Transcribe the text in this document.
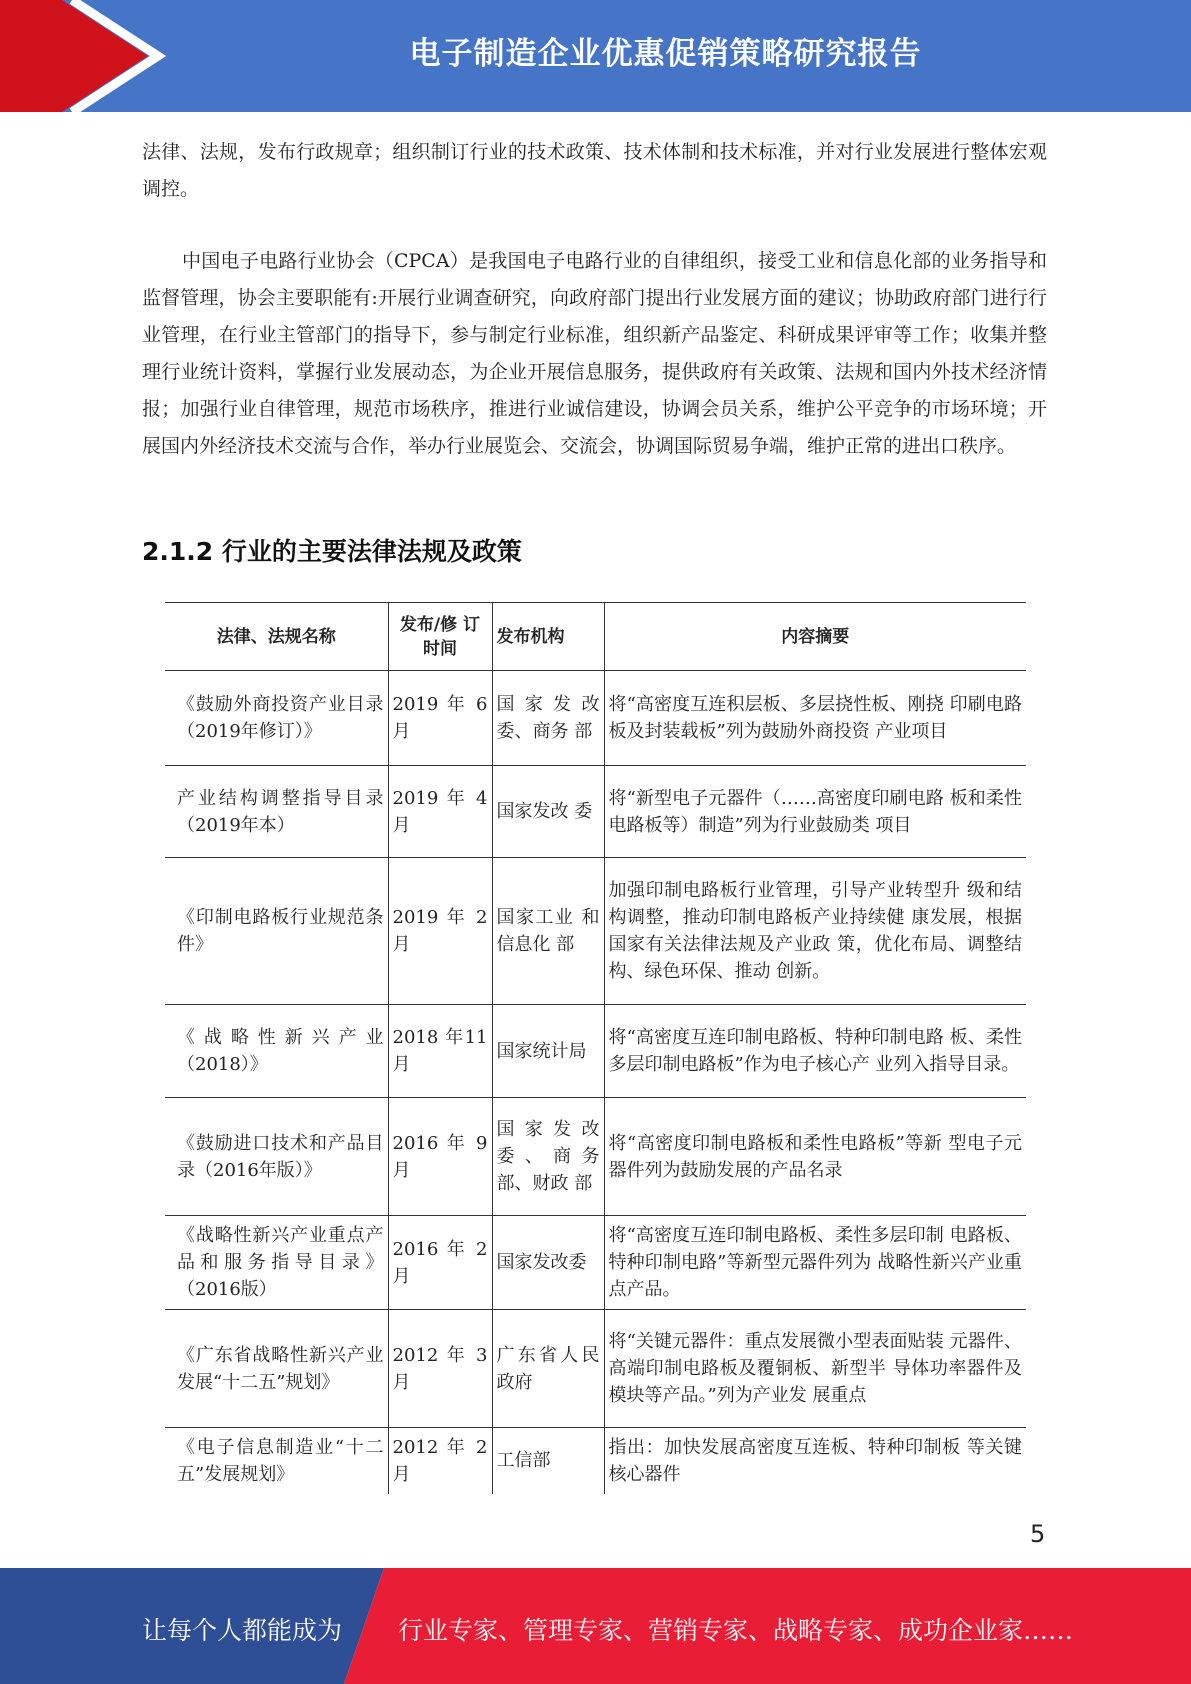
电子制造企业优惠促销策略研究报告
法律、法规，发布行政规章；组织制订行业的技术政策、技术体制和技术标准，并对行业发展进行整体宏观调控。
中国电子电路行业协会（CPCA）是我国电子电路行业的自律组织，接受工业和信息化部的业务指导和监督管理，协会主要职能有:开展行业调查研究，向政府部门提出行业发展方面的建议；协助政府部门进行行业管理，在行业主管部门的指导下，参与制定行业标准，组织新产品鉴定、科研成果评审等工作；收集并整理行业统计资料，掌握行业发展动态，为企业开展信息服务，提供政府有关政策、法规和国内外技术经济情报；加强行业自律管理，规范市场秩序，推进行业诚信建设，协调会员关系，维护公平竞争的市场环境；开展国内外经济技术交流与合作，举办行业展览会、交流会，协调国际贸易争端，维护正常的进出口秩序。
2.1.2 行业的主要法律法规及政策
法律、法规名称	发布/修 订时间	发布机构	内容摘要
《鼓励外商投资产业目录（2019年修订）》	2019 年 6月	国 家 发 改委、商务 部	将“高密度互连积层板、多层挠性板、刚挠 印刷电路板及封装载板”列为鼓励外商投资 产业项目
产业结构调整指导目录（2019年本）	2019 年 4月	国家发改 委	将“新型电子元器件（……高密度印刷电路 板和柔性电路板等）制造”列为行业鼓励类 项目
《印制电路板行业规范条件》	2019 年 2月	国家工业 和信息化 部	加强印制电路板行业管理，引导产业转型升 级和结构调整，推动印制电路板产业持续健 康发展，根据国家有关法律法规及产业政 策，优化布局、调整结构、绿色环保、推动 创新。
《战略性新兴产业（2018）》	2018 年11月	国家统计局	将“高密度互连印制电路板、特种印制电路 板、柔性多层印制电路板”作为电子核心产 业列入指导目录。
《鼓励进口技术和产品目录（2016年版）》	2016 年 9月	国 家 发 改委、商务 部、财政 部	将“高密度印制电路板和柔性电路板”等新 型电子元器件列为鼓励发展的产品名录
《战略性新兴产业重点产品和服务指导目录》（2016版）	2016 年 2月	国家发改委	将“高密度互连印制电路板、柔性多层印制 电路板、特种印制电路”等新型元器件列为 战略性新兴产业重点产品。
《广东省战略性新兴产业发展“十二五”规划》	2012 年 3月	广东省人民政府	将“关键元器件：重点发展微小型表面贴装 元器件、高端印制电路板及覆铜板、新型半 导体功率器件及模块等产品。”列为产业发 展重点
《电子信息制造业“十二五”发展规划》	2012 年 2月	工信部	指出：加快发展高密度互连板、特种印制板 等关键核心器件
5
让每个人都能成为 行业专家、管理专家、营销专家、战略专家、成功企业家……
